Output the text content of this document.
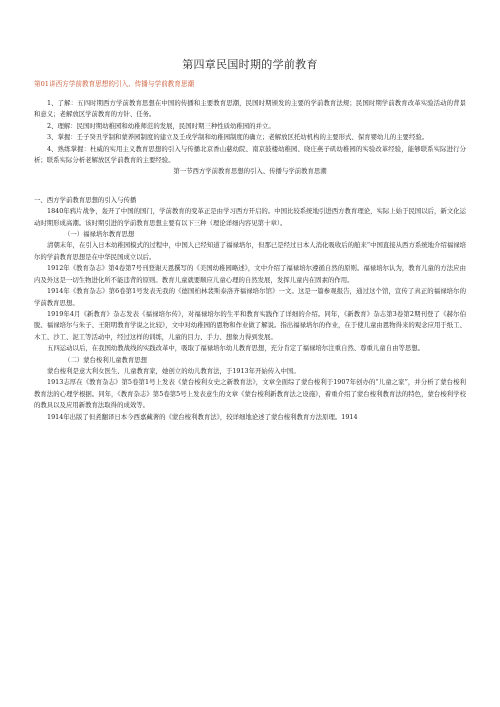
第四章民国时期的学前教育

第01讲西方学前教育思想的引入、传播与学前教育思潮

1、了解：五四时期西方学前教育思想在中国的传播和主要教育思潮，民国时期颁发的主要的学前教育法规；民国时期学前教育改革实验活动的背景和意义；老解放区学前教育的方针、任务。

2、理解：民国时期幼稚园和幼稚师范的发展，民国时期三种性质幼稚园的并立。

3、掌握：壬子癸丑学制和蒙养园制度的建立及壬戌学制和幼稚园制度的确立；老解放区托幼机构的主要形式、保育婴幼儿的主要经验。

4、熟练掌握：杜威的实用主义教育思想的引入与传播北京香山慈幼院、南京鼓楼幼稚园、晓庄燕子矶幼稚园的实验改革经验，能够联系实际进行分析；联系实际分析老解放区学前教育的主要经验。

第一节西方学前教育思想的引入、传播与学前教育思潮

一、西方学前教育思想的引入与传播

1840年鸦片战争，轰开了中国的国门，学前教育的变革正是由学习西方开启的。中国比较系统地引进西方教育理论，实际上始于民国以后，新文化运动时期形成高潮。该时期引进的学前教育思想主要有以下三种（理论详细内容见第十章）。

（一）福禄培尔教育思想

清朝末年，在引入日本幼稚园模式的过程中，中国人已经知道了福禄培尔，但那已是经过日本人消化吸收后的舶来“中国直接从西方系统地介绍福禄培尔的学前教育思想是在中华民国成立以后。

1912年《教育杂志》第4卷第7号刊登谢天恩撰写的《美国幼稚园略述》，文中介绍了福禄培尔遵循自然的原则。福禄培尔认为，教育儿童的方法应由内及外这是一切生物进化所不能违背的原则。教育儿童就要顺应儿童心理的自然发展，发挥儿童内在固素的作用。

1914年《教育杂志》第6卷第1号发表无我的《德国柏林裴斯泰洛齐福禄培尔馆》一文。这是一篇参观报告，通过这个馆，宣传了真正的福禄培尔的学前教育思想。

1919年4月《新教育》杂志发表《福禄培尔传》，对福禄培尔的生平和教育实践作了详细的介绍。同年，《新教育》杂志第3卷第2期刊登了《赫尔伯脱、福禄培尔与朱子、王阳明教育学说之比较》，文中对幼稚园的恩物和作业做了解说。指出福禄培尔的作业，在于使儿童由恩物得来的观念应用于纸工、木工、沙工、泥工等活动中，经过这样的训练，儿童的目力、手力、想象力得到发展。

五四运动以后，在我国幼教战线的实践改革中，吸取了福禄培尔幼儿教育思想，充分肯定了福禄培尔注重自然、尊重儿童自由等思想。

（二）蒙台梭利儿童教育思想

蒙台梭利是意大利女医生、儿童教育家，她创立的幼儿教育法，于1913年开始传入中国。

1913志厚在《教育杂志》第5卷第1号上发表《蒙台梭利女史之新教育法》，文章全面综了蒙台梭利于1907年创办的“儿童之家”，并分析了蒙台梭利教育法的心理学根据。同年，《教育杂志》第5卷第5号上发表意生的文章《蒙台梭利新教育法之设施》，着重介绍了蒙台梭利教育法的特色，蒙台梭利学校的教具以及应用新教育法取得的成效等。

1914年出版了但煮翻译日本今西嘉藏著的《蒙台梭利教育法》，较详细地论述了蒙台梭利教育方法原理。1914
